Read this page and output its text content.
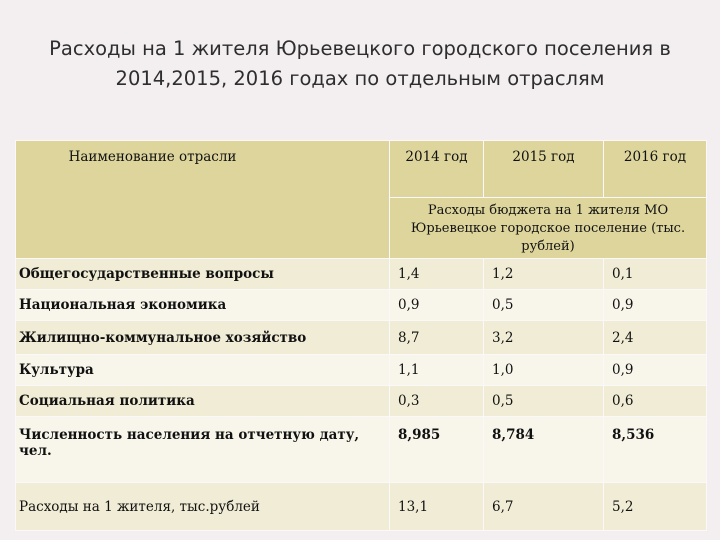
Расходы на 1 жителя Юрьевецкого городского поселения в
2014,2015, 2016 годах по отдельным отраслям
Наименование отрасли	2014 год	2015 год	2016 год
	Расходы бюджета на 1 жителя МО Юрьевецкое городское поселение (тыс. рублей)		
Общегосударственные вопросы	1,4	1,2	0,1
Национальная экономика	0,9	0,5	0,9
Жилищно-коммунальное хозяйство	8,7	3,2	2,4
Культура	1,1	1,0	0,9
Социальная политика	0,3	0,5	0,6
Численность населения на отчетную дату, чел.	8,985	8,784	8,536
Расходы на 1 жителя, тыс.рублей	13,1	6,7	5,2
